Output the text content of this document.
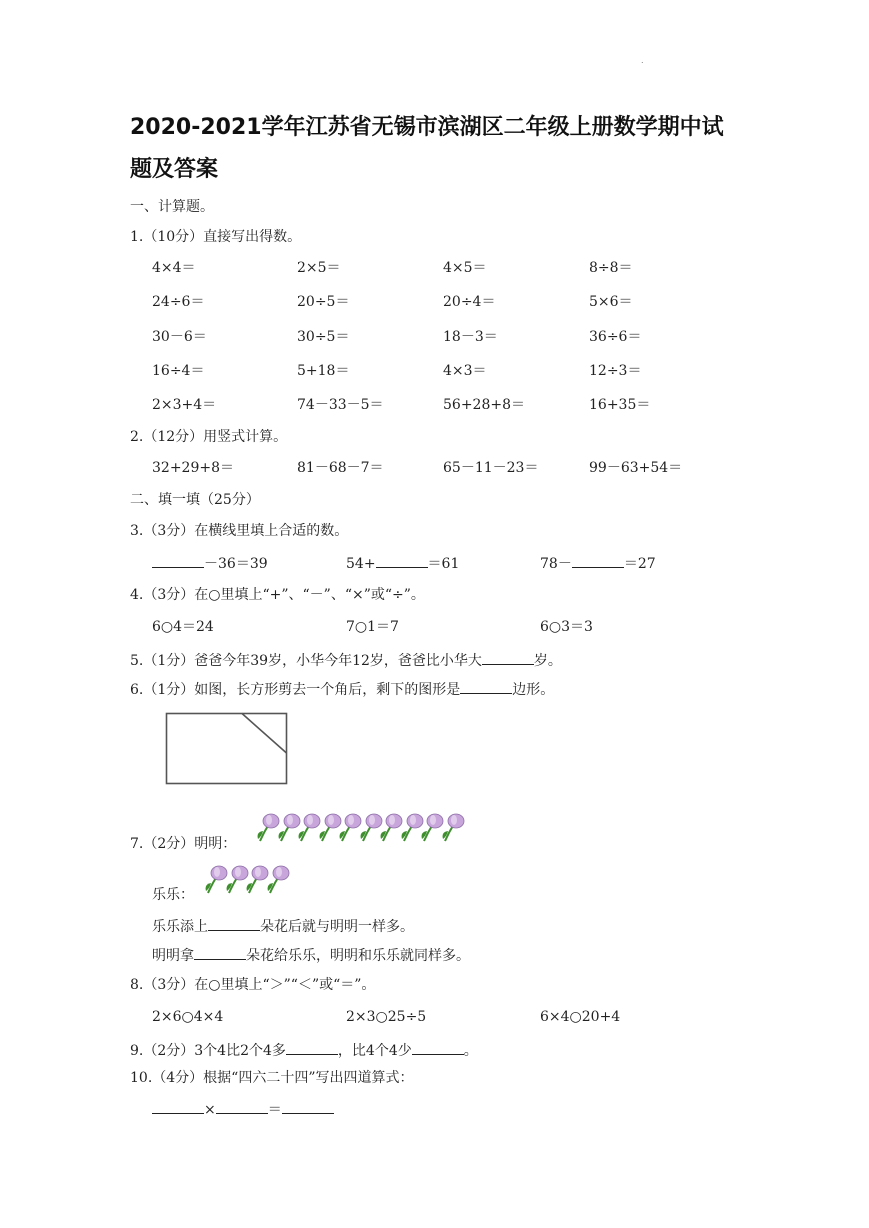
.
2020-2021学年江苏省无锡市滨湖区二年级上册数学期中试
题及答案
一、计算题。
1.（10分）直接写出得数。
4×4＝	2×5＝	4×5＝	8÷8＝
24÷6＝	20÷5＝	20÷4＝	5×6＝
30－6＝	30÷5＝	18－3＝	36÷6＝
16÷4＝	5+18＝	4×3＝	12÷3＝
2×3+4＝	74－33－5＝	56+28+8＝	16+35＝
2.（12分）用竖式计算。
32+29+8＝	81－68－7＝	65－11－23＝	99－63+54＝
二、填一填（25分）
3.（3分）在横线里填上合适的数。
－36＝39	54+	＝61	78－	＝27
4.（3分）在○里填上“+”、“－”、“×”或“÷”。
6○4＝24	7○1＝7	6○3＝3
5.（1分）爸爸今年39岁，小华今年12岁，爸爸比小华大	岁。
6.（1分）如图，长方形剪去一个角后，剩下的图形是	边形。
7.（2分）明明：
乐乐：
乐乐添上	朵花后就与明明一样多。
明明拿	朵花给乐乐，明明和乐乐就同样多。
8.（3分）在○里填上“＞”“＜”或“＝”。
2×6○4×4	2×3○25÷5	6×4○20+4
9.（2分）3个4比2个4多	，比4个4少	。
10.（4分）根据“四六二十四”写出四道算式：
×	＝
